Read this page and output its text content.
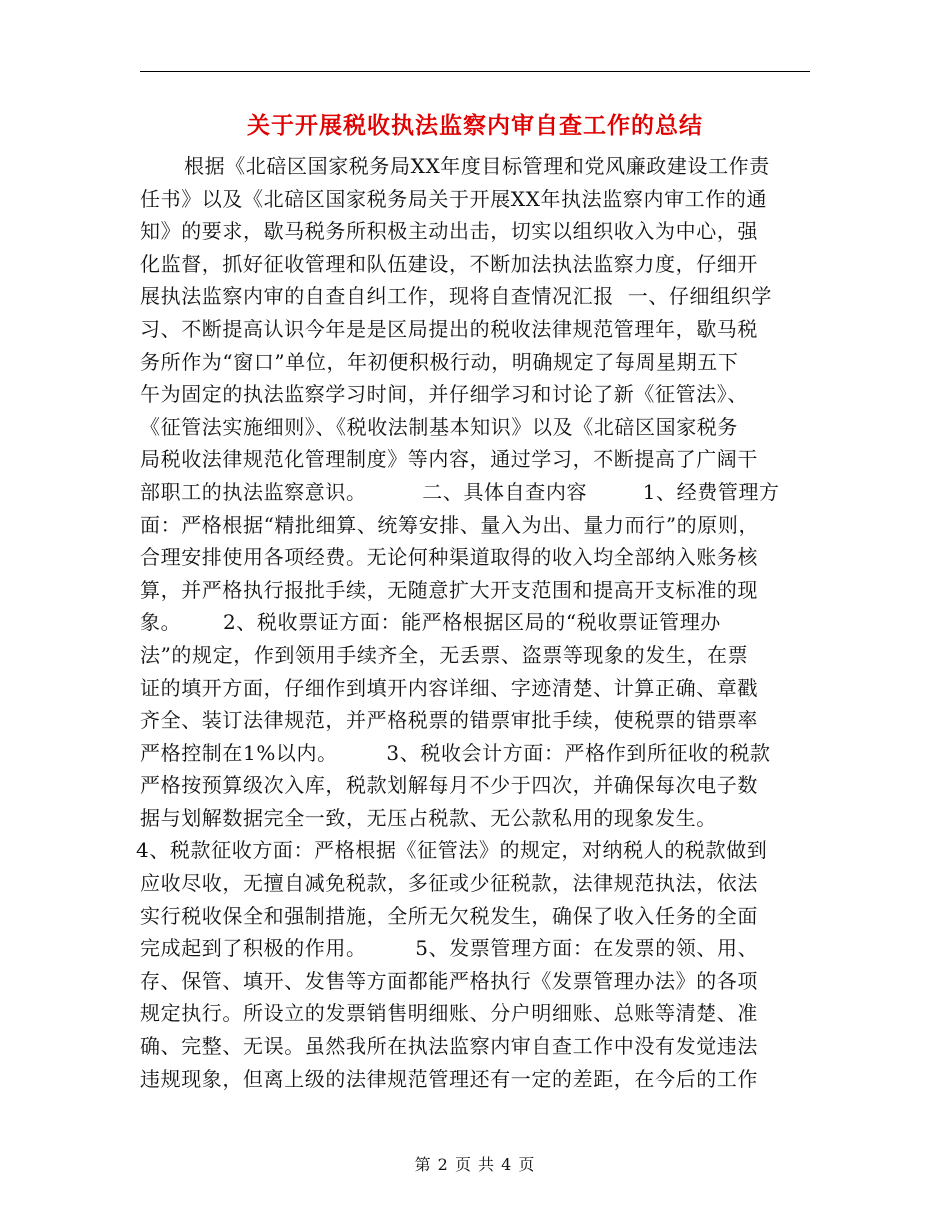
关于开展税收执法监察内审自查工作的总结
根据《北碚区国家税务局XX年度目标管理和党风廉政建设工作责
任书》以及《北碚区国家税务局关于开展XX年执法监察内审工作的通
知》的要求，歇马税务所积极主动出击，切实以组织收入为中心，强
化监督，抓好征收管理和队伍建设，不断加法执法监察力度，仔细开
展执法监察内审的自查自纠工作，现将自查情况汇报  一、仔细组织学
习、不断提高认识今年是是区局提出的税收法律规范管理年，歇马税
务所作为“窗口”单位，年初便积极行动，明确规定了每周星期五下
午为固定的执法监察学习时间，并仔细学习和讨论了新《征管法》、
《征管法实施细则》、《税收法制基本知识》以及《北碚区国家税务
局税收法律规范化管理制度》等内容，通过学习，不断提高了广阔干
部职工的执法监察意识。        二、具体自查内容        1、经费管理方
面：严格根据“精批细算、统筹安排、量入为出、量力而行”的原则，
合理安排使用各项经费。无论何种渠道取得的收入均全部纳入账务核
算，并严格执行报批手续，无随意扩大开支范围和提高开支标准的现
象。      2、税收票证方面：能严格根据区局的“税收票证管理办
法”的规定，作到领用手续齐全，无丢票、盗票等现象的发生，在票
证的填开方面，仔细作到填开内容详细、字迹清楚、计算正确、章戳
齐全、装订法律规范，并严格税票的错票审批手续，使税票的错票率
严格控制在1%以内。       3、税收会计方面：严格作到所征收的税款
严格按预算级次入库，税款划解每月不少于四次，并确保每次电子数
据与划解数据完全一致，无压占税款、无公款私用的现象发生。
4、税款征收方面：严格根据《征管法》的规定，对纳税人的税款做到
应收尽收，无擅自减免税款，多征或少征税款，法律规范执法，依法
实行税收保全和强制措施，全所无欠税发生，确保了收入任务的全面
完成起到了积极的作用。       5、发票管理方面：在发票的领、用、
存、保管、填开、发售等方面都能严格执行《发票管理办法》的各项
规定执行。所设立的发票销售明细账、分户明细账、总账等清楚、准
确、完整、无误。虽然我所在执法监察内审自查工作中没有发觉违法
违规现象，但离上级的法律规范管理还有一定的差距，在今后的工作
第 2 页 共 4 页
